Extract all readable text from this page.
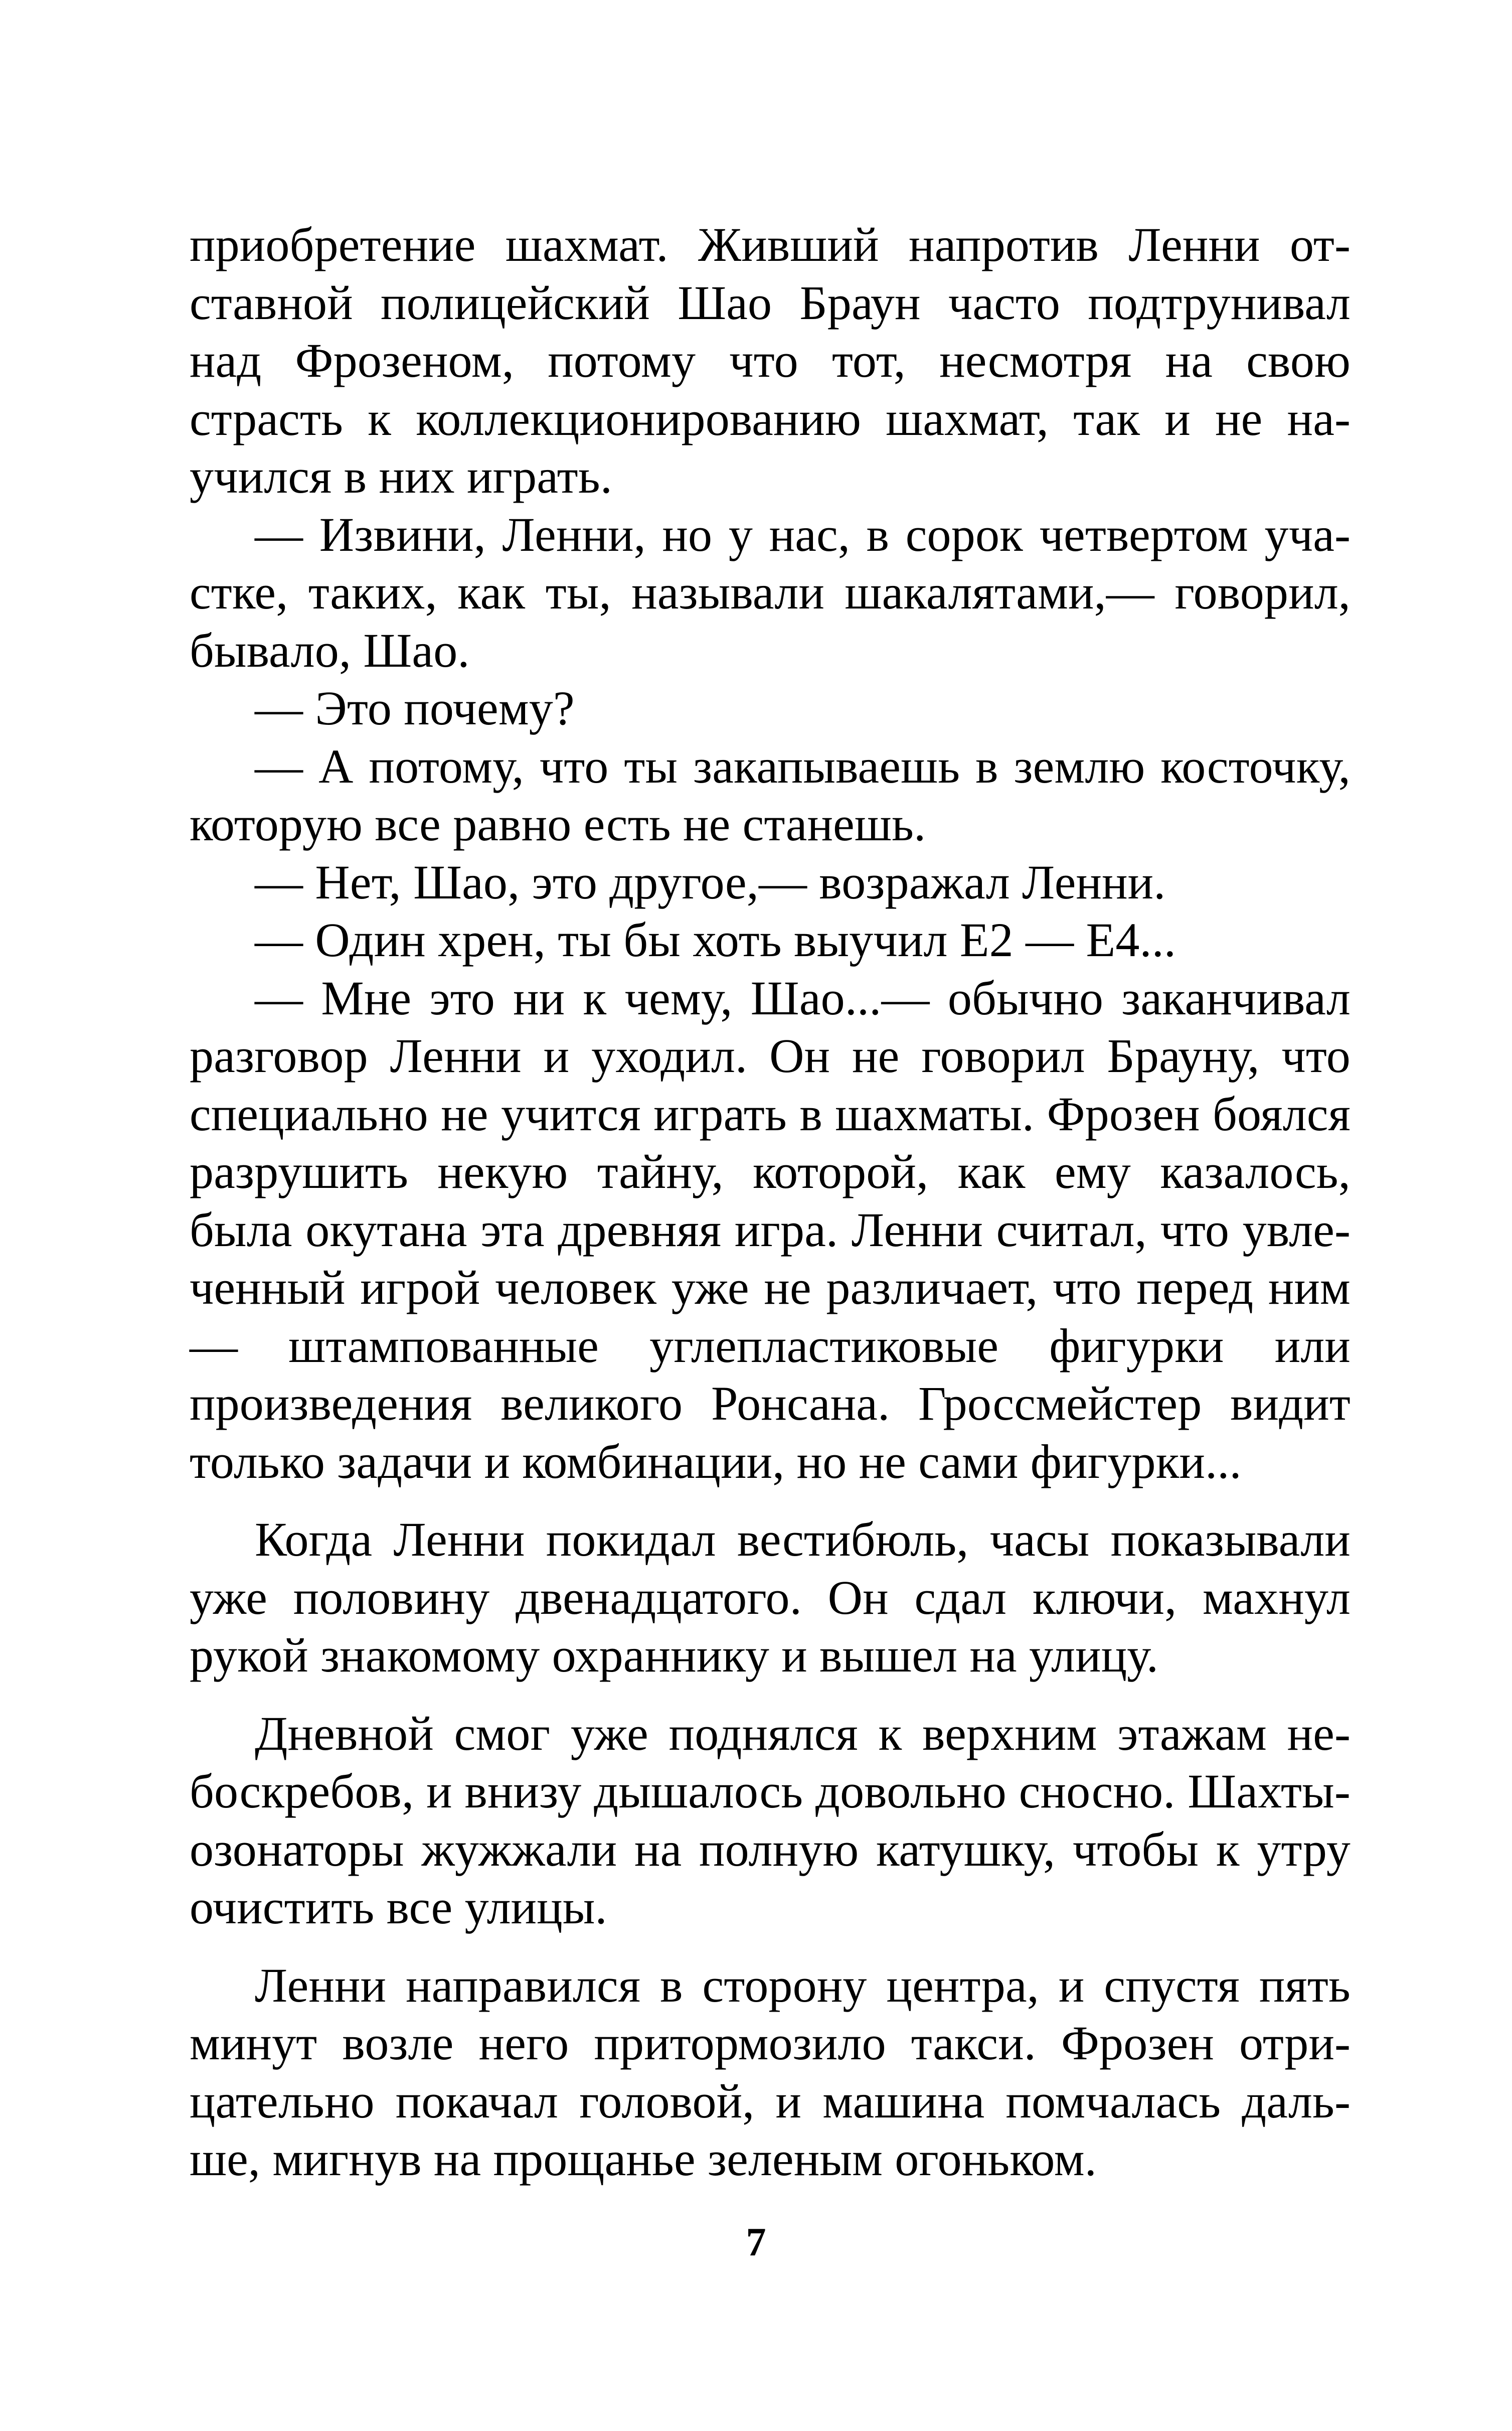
приобретение шахмат. Живший напротив Ленни отставной полицейский Шао Браун часто подтрунивал над Фрозеном, потому что тот, несмотря на свою страсть к коллекционированию шахмат, так и не научился в них играть.

— Извини, Ленни, но у нас, в сорок четвертом участке, таких, как ты, называли шакалятами,— говорил, бывало, Шао.

— Это почему?

— А потому, что ты закапываешь в землю косточку, которую все равно есть не станешь.

— Нет, Шао, это другое,— возражал Ленни.

— Один хрен, ты бы хоть выучил Е2 — Е4...

— Мне это ни к чему, Шао...— обычно заканчивал разговор Ленни и уходил. Он не говорил Брауну, что специально не учится играть в шахматы. Фрозен боялся разрушить некую тайну, которой, как ему казалось, была окутана эта древняя игра. Ленни считал, что увлеченный игрой человек уже не различает, что перед ним — штампованные углепластиковые фигурки или произведения великого Ронсана. Гроссмейстер видит только задачи и комбинации, но не сами фигурки...

Когда Ленни покидал вестибюль, часы показывали уже половину двенадцатого. Он сдал ключи, махнул рукой знакомому охраннику и вышел на улицу.

Дневной смог уже поднялся к верхним этажам небоскребов, и внизу дышалось довольно сносно. Шахты-озонаторы жужжали на полную катушку, чтобы к утру очистить все улицы.

Ленни направился в сторону центра, и спустя пять минут возле него притормозило такси. Фрозен отрицательно покачал головой, и машина помчалась дальше, мигнув на прощанье зеленым огоньком.

7
